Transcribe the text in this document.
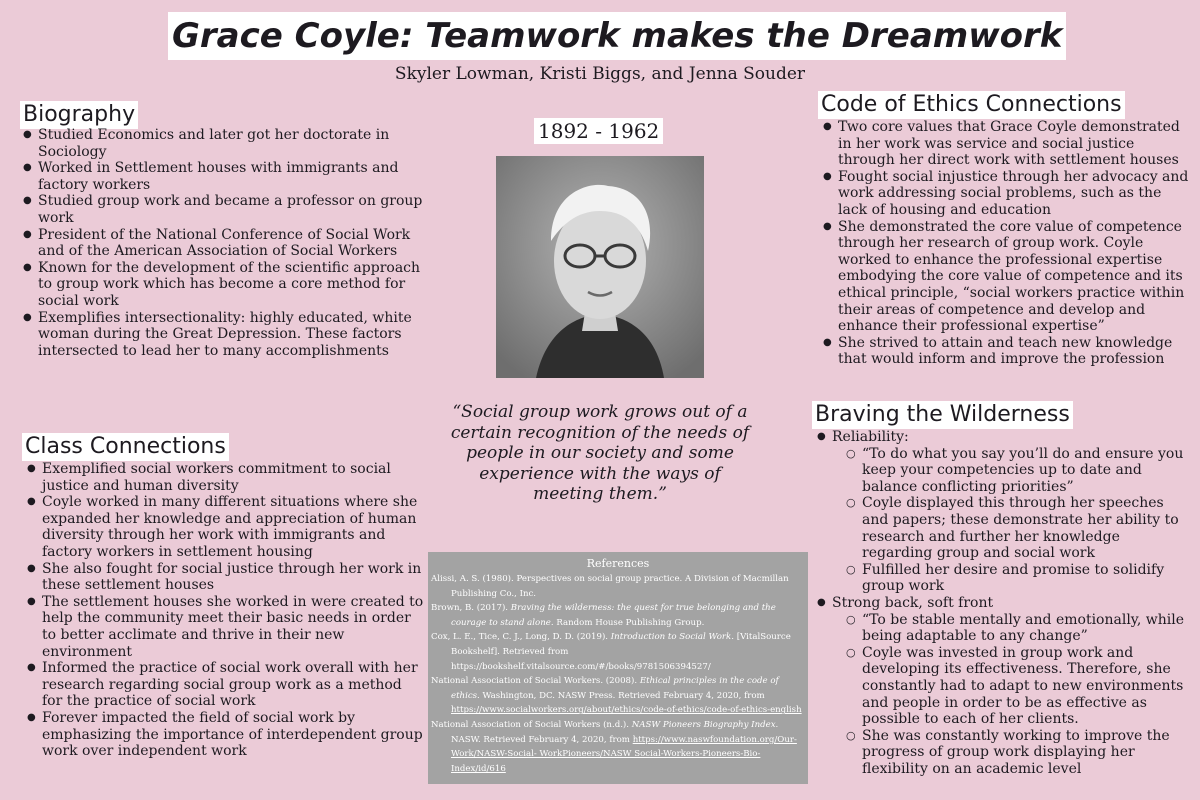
Grace Coyle: Teamwork makes the Dreamwork
Skyler Lowman, Kristi Biggs, and Jenna Souder
Biography
● Studied Economics and later got her doctorate in Sociology
● Worked in Settlement houses with immigrants and factory workers
● Studied group work and became a professor on group work
● President of the National Conference of Social Work and of the American Association of Social Workers
● Known for the development of the scientific approach to group work which has become a core method for social work
● Exemplifies intersectionality: highly educated, white woman during the Great Depression. These factors intersected to lead her to many accomplishments
Class Connections
● Exemplified social workers commitment to social justice and human diversity
● Coyle worked in many different situations where she expanded her knowledge and appreciation of human diversity through her work with immigrants and factory workers in settlement housing
● She also fought for social justice through her work in these settlement houses
● The settlement houses she worked in were created to help the community meet their basic needs in order to better acclimate and thrive in their new environment
● Informed the practice of social work overall with her research regarding social group work as a method for the practice of social work
● Forever impacted the field of social work by emphasizing the importance of interdependent group work over independent work
1892 - 1962
“Social group work grows out of a certain recognition of the needs of people in our society and some experience with the ways of meeting them.”
References
Alissi, A. S. (1980). Perspectives on social group practice. A Division of Macmillan Publishing Co., Inc.
Brown, B. (2017). Braving the wilderness: the quest for true belonging and the courage to stand alone. Random House Publishing Group.
Cox, L. E., Tice, C. J., Long, D. D. (2019). Introduction to Social Work. [VitalSource Bookshelf]. Retrieved from https://bookshelf.vitalsource.com/#/books/9781506394527/
National Association of Social Workers. (2008). Ethical principles in the code of ethics. Washington, DC. NASW Press. Retrieved February 4, 2020, from https://www.socialworkers.org/about/ethics/code-of-ethics/code-of-ethics-english
National Association of Social Workers (n.d.). NASW Pioneers Biography Index. NASW. Retrieved February 4, 2020, from https://www.naswfoundation.org/Our-Work/NASW-Social- WorkPioneers/NASW Social-Workers-Pioneers-Bio-Index/id/616
Code of Ethics Connections
● Two core values that Grace Coyle demonstrated in her work was service and social justice through her direct work with settlement houses
● Fought social injustice through her advocacy and work addressing social problems, such as the lack of housing and education
● She demonstrated the core value of competence through her research of group work. Coyle worked to enhance the professional expertise embodying the core value of competence and its ethical principle, “social workers practice within their areas of competence and develop and enhance their professional expertise”
● She strived to attain and teach new knowledge that would inform and improve the profession
Braving the Wilderness
● Reliability:
○ “To do what you say you’ll do and ensure you keep your competencies up to date and balance conflicting priorities”
○ Coyle displayed this through her speeches and papers; these demonstrate her ability to research and further her knowledge regarding group and social work
○ Fulfilled her desire and promise to solidify group work
● Strong back, soft front
○ “To be stable mentally and emotionally, while being adaptable to any change”
○ Coyle was invested in group work and developing its effectiveness. Therefore, she constantly had to adapt to new environments and people in order to be as effective as possible to each of her clients.
○ She was constantly working to improve the progress of group work displaying her flexibility on an academic level
